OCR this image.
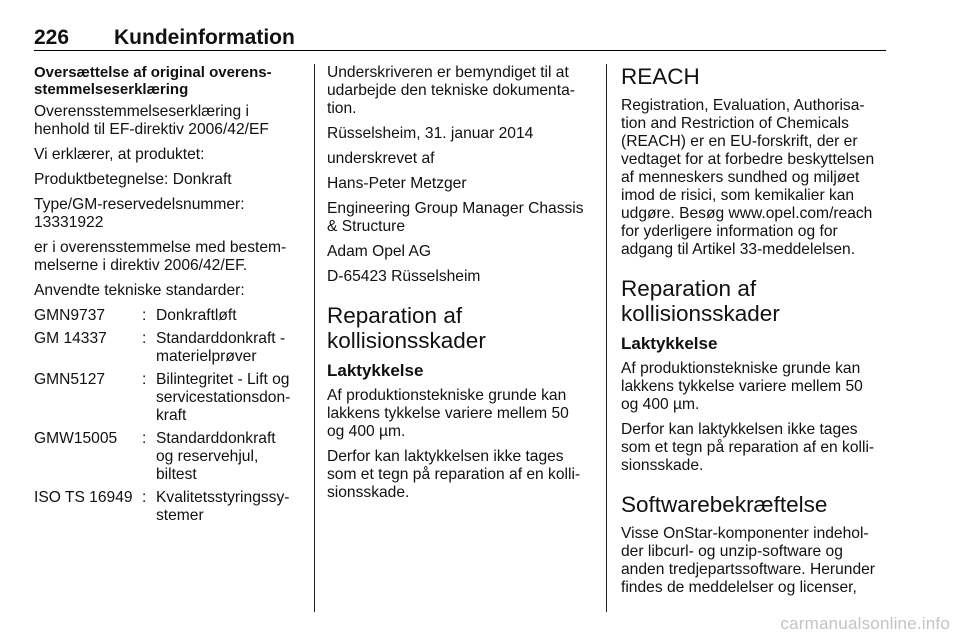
226 Kundeinformation
Oversættelse af original overens-
stemmelseserklæring

Overensstemmelseserklæring i
henhold til EF-direktiv 2006/42/EF

Vi erklærer, at produktet:

Produktbetegnelse: Donkraft

Type/GM-reservedelsnummer:
13331922

er i overensstemmelse med bestem-
melserne i direktiv 2006/42/EF.

Anvendte tekniske standarder:

GMN9737	: Donkraftløft
GM 14337	: Standarddonkraft -
materielprøver
GMN5127	: Bilintegritet - Lift og
servicestationsdon-
kraft
GMW15005	: Standarddonkraft
og reservehjul,
biltest
ISO TS 16949 : Kvalitetsstyringssy-
stemer

Underskriveren er bemyndiget til at
udarbejde den tekniske dokumenta-
tion.

Rüsselsheim, 31. januar 2014

underskrevet af

Hans-Peter Metzger

Engineering Group Manager Chassis
& Structure

Adam Opel AG

D-65423 Rüsselsheim

Reparation af
kollisionsskader
Laktykkelse

Af produktionstekniske grunde kan
lakkens tykkelse variere mellem 50
og 400 µm.

Derfor kan laktykkelsen ikke tages
som et tegn på reparation af en kolli-
sionsskade.

REACH

Registration, Evaluation, Authorisa-
tion and Restriction of Chemicals
(REACH) er en EU-forskrift, der er
vedtaget for at forbedre beskyttelsen
af menneskers sundhed og miljøet
imod de risici, som kemikalier kan
udgøre. Besøg www.opel.com/reach
for yderligere information og for
adgang til Artikel 33-meddelelsen.

Reparation af
kollisionsskader
Laktykkelse

Af produktionstekniske grunde kan
lakkens tykkelse variere mellem 50
og 400 µm.

Derfor kan laktykkelsen ikke tages
som et tegn på reparation af en kolli-
sionsskade.

Softwarebekræftelse

Visse OnStar-komponenter indehol-
der libcurl- og unzip-software og
anden tredjepartssoftware. Herunder
findes de meddelelser og licenser,

carmanualsonline.info
